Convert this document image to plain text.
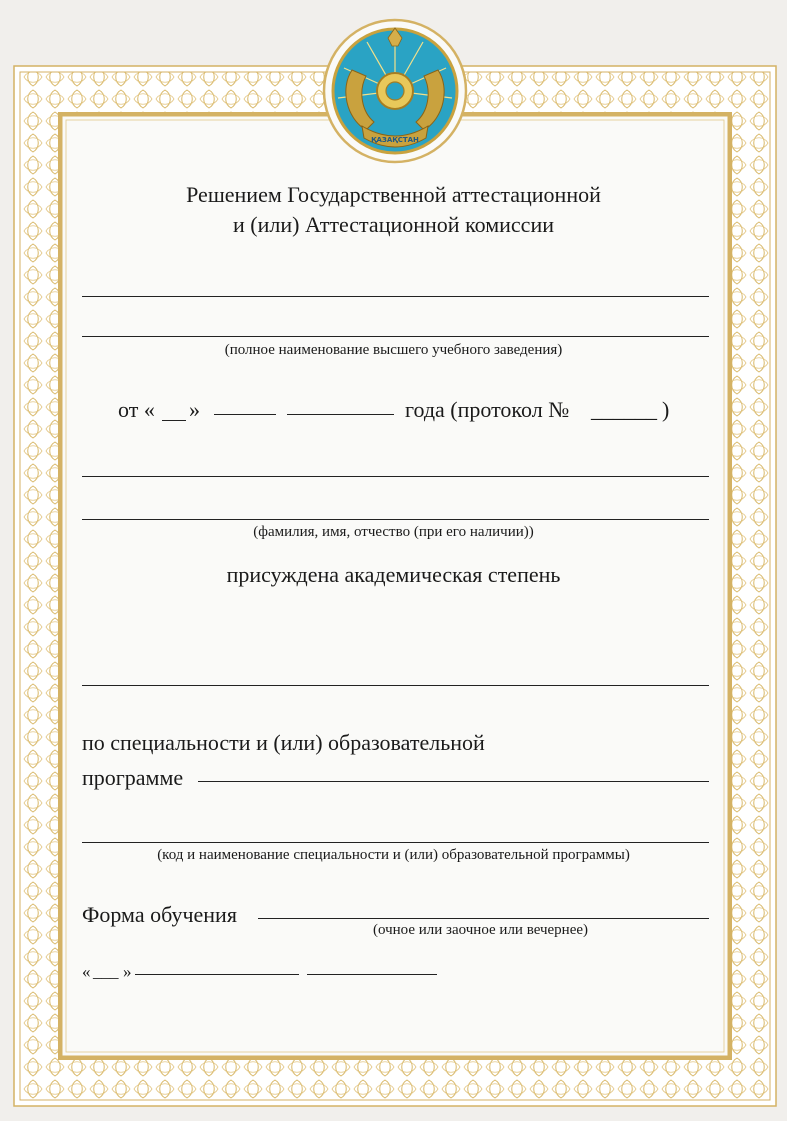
ҚАЗАҚСТАН
Решением Государственной аттестационной
и (или) Аттестационной комиссии
(полное наименование высшего учебного заведения)
от « »	года (протокол № ______ )
(фамилия, имя, отчество (при его наличии))
присуждена академическая степень
по специальности и (или) образовательной
программе
(код и наименование специальности и (или) образовательной программы)
Форма обучения
(очное или заочное или вечернее)
« ___ »
